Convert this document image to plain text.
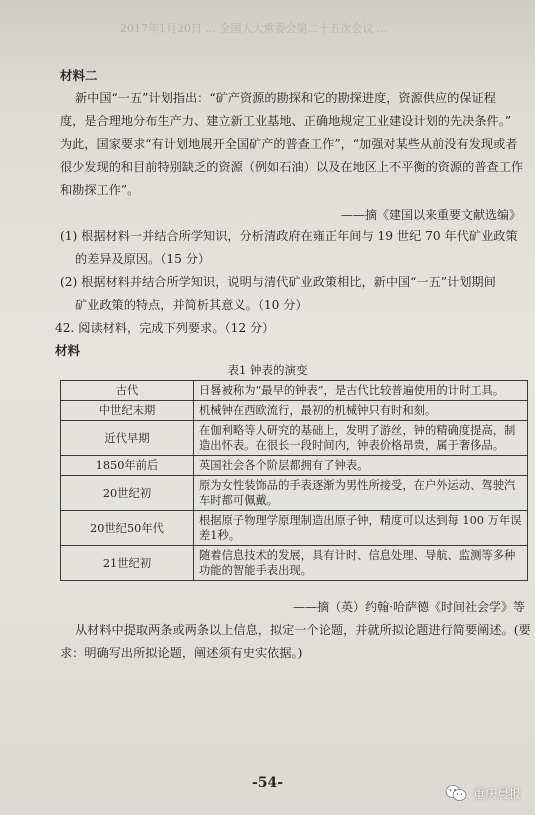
2017年1月20日 ... 全国人大常委会第二十五次会议 ...
材料二
新中国“一五”计划指出：“矿产资源的勘探和它的勘探进度，资源供应的保证程
度，是合理地分布生产力、建立新工业基地、正确地规定工业建设计划的先决条件。”
为此，国家要求“有计划地展开全国矿产的普查工作”，“加强对某些从前没有发现或者
很少发现的和目前特别缺乏的资源（例如石油）以及在地区上不平衡的资源的普查工作
和勘探工作”。
——摘《建国以来重要文献选编》
(1) 根据材料一并结合所学知识，分析清政府在雍正年间与 19 世纪 70 年代矿业政策
的差异及原因。（15 分）
(2) 根据材料并结合所学知识，说明与清代矿业政策相比，新中国“一五”计划期间
矿业政策的特点，并简析其意义。（10 分）
42. 阅读材料，完成下列要求。（12 分）
材料
表1 钟表的演变
古代	日晷被称为“最早的钟表”，是古代比较普遍使用的计时工具。
中世纪末期	机械钟在西欧流行，最初的机械钟只有时和刻。
近代早期	在伽利略等人研究的基础上，发明了游丝，钟的精确度提高，制造出怀表。在很长一段时间内，钟表价格昂贵，属于奢侈品。
1850年前后	英国社会各个阶层都拥有了钟表。
20世纪初	原为女性装饰品的手表逐渐为男性所接受，在户外运动、驾驶汽车时都可佩戴。
20世纪50年代	根据原子物理学原理制造出原子钟，精度可以达到每 100 万年误差1秒。
21世纪初	随着信息技术的发展，具有计时、信息处理、导航、监测等多种功能的智能手表出现。
——摘（英）约翰·哈萨德《时间社会学》等
从材料中提取两条或两条以上信息，拟定一个论题，并就所拟论题进行简要阐述。(要
求：明确写出所拟论题，阐述须有史实依据。)
-54-
重庆晨报
